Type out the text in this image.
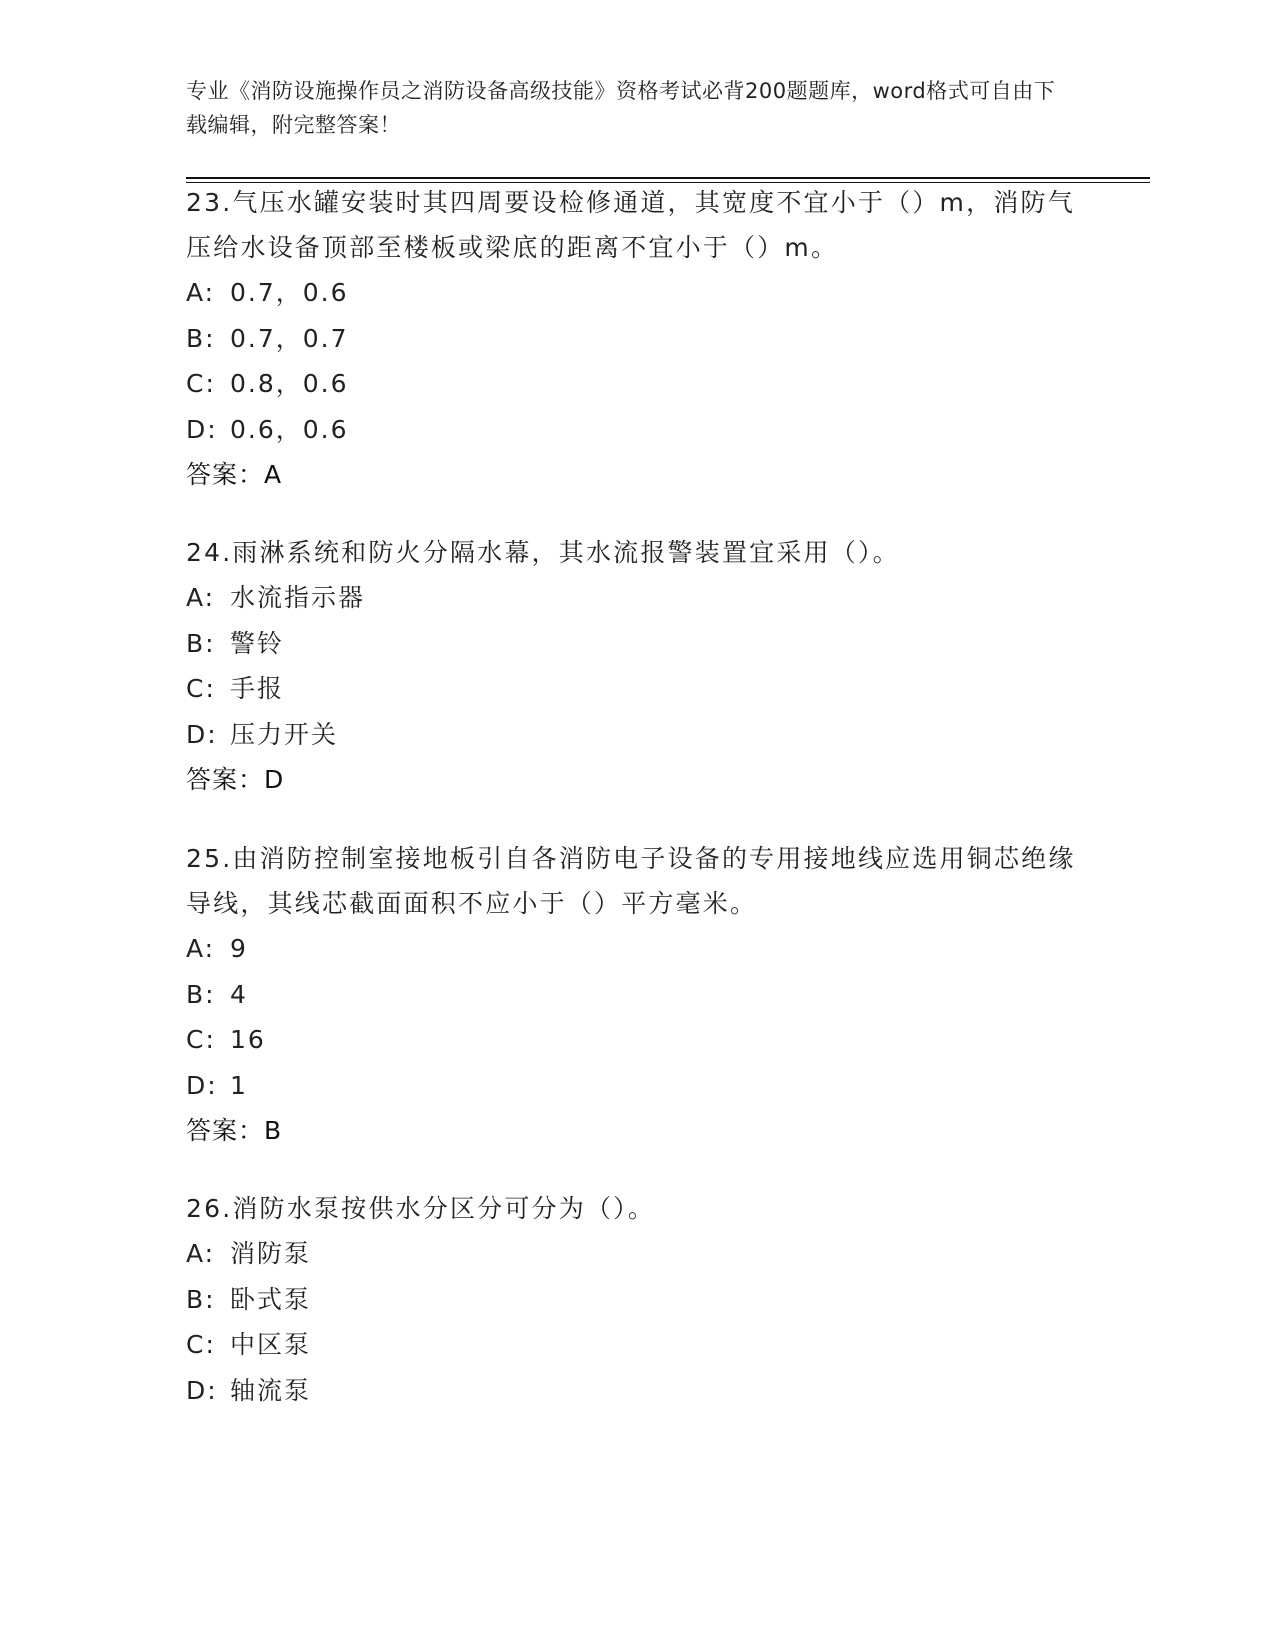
专业《消防设施操作员之消防设备高级技能》资格考试必背200题题库，word格式可自由下载编辑，附完整答案！

23.气压水罐安装时其四周要设检修通道，其宽度不宜小于（）m，消防气压给水设备顶部至楼板或梁底的距离不宜小于（）m。

A: 0.7，0.6
B: 0.7，0.7
C: 0.8，0.6
D: 0.6，0.6
答案：A

24.雨淋系统和防火分隔水幕，其水流报警装置宜采用（）。

A: 水流指示器
B: 警铃
C: 手报
D: 压力开关
答案：D

25.由消防控制室接地板引自各消防电子设备的专用接地线应选用铜芯绝缘导线，其线芯截面面积不应小于（）平方毫米。

A: 9
B: 4
C: 16
D: 1
答案：B

26.消防水泵按供水分区分可分为（）。

A: 消防泵
B: 卧式泵
C: 中区泵
D: 轴流泵
